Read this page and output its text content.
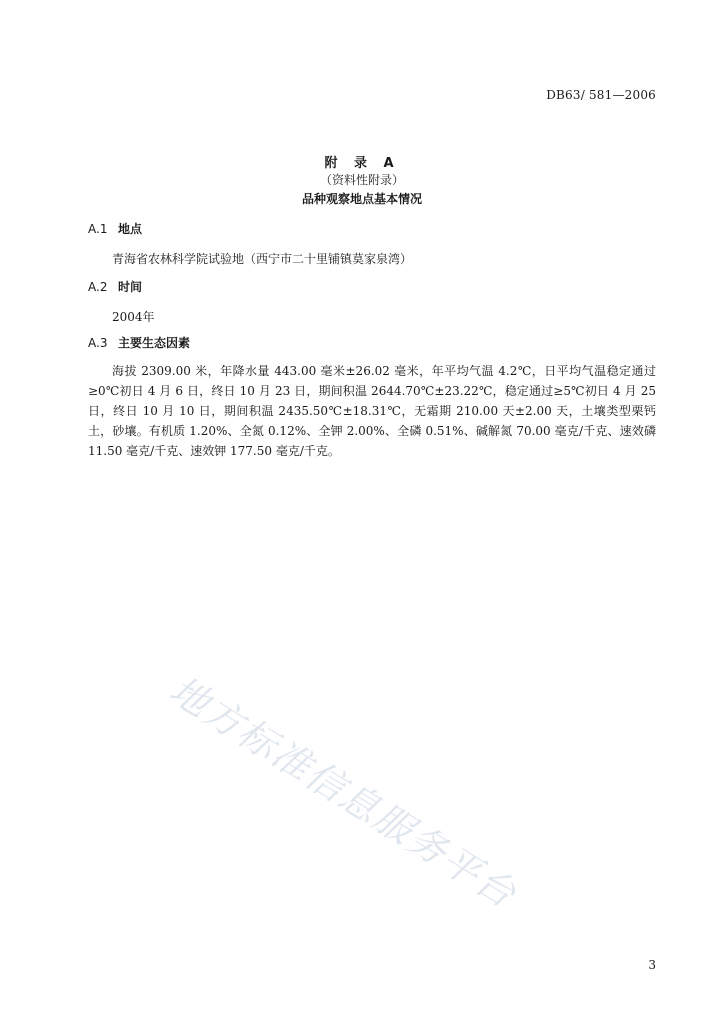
DB63/ 581—2006
附 录 A
（资料性附录）
品种观察地点基本情况

A.1 地点

青海省农林科学院试验地（西宁市二十里铺镇莫家泉湾）

A.2 时间

2004年

A.3 主要生态因素

海拔 2309.00 米，年降水量 443.00 毫米±26.02 毫米，年平均气温 4.2℃，日平均气温稳定通过≥0℃初日 4 月 6 日，终日 10 月 23 日，期间积温 2644.70℃±23.22℃，稳定通过≥5℃初日 4 月 25 日，终日 10 月 10 日，期间积温 2435.50℃±18.31℃，无霜期 210.00 天±2.00 天，土壤类型栗钙土，砂壤。有机质 1.20%、全氮 0.12%、全钾 2.00%、全磷 0.51%、碱解氮 70.00 毫克/千克、速效磷 11.50 毫克/千克、速效钾 177.50 毫克/千克。

地方标准信息服务平台
3
